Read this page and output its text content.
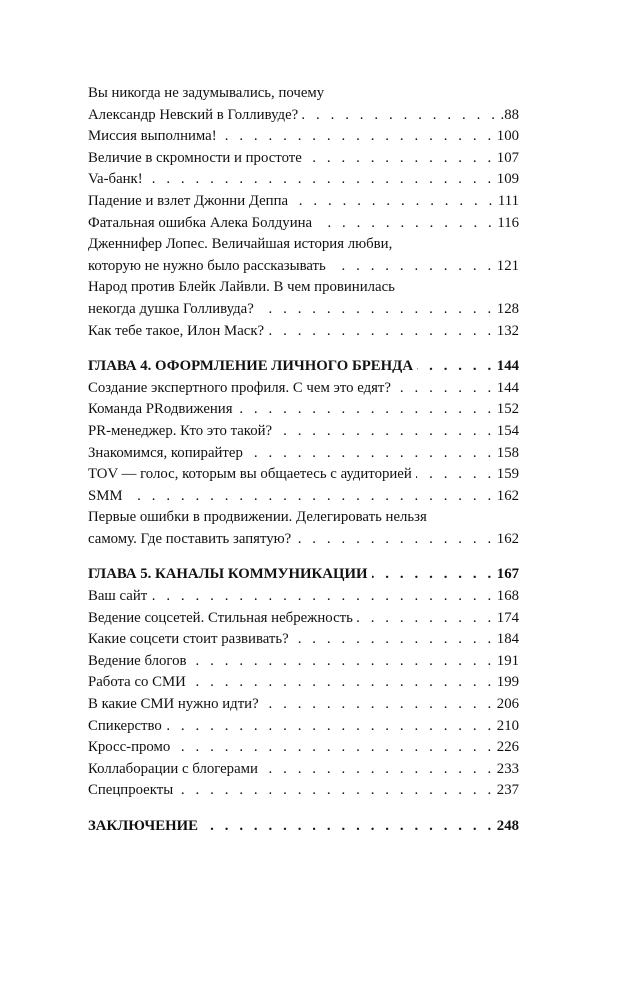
Вы никогда не задумывались, почему
Александр Невский в Голливуде? . . .	.88
Миссия выполнима! . . .	100
Величие в скромности и простоте . . .	107
Va-банк! . . .	109
Падение и взлет Джонни Деппа . . .	111
Фатальная ошибка Алека Болдуина . . .	116
Дженнифер Лопес. Величайшая история любви,
которую не нужно было рассказывать . . .	121
Народ против Блейк Лайвли. В чем провинилась
некогда душка Голливуда? . . .	128
Как тебе такое, Илон Маск? . . .	132
ГЛАВА 4. ОФОРМЛЕНИЕ ЛИЧНОГО БРЕНДА . . .	144
Создание экспертного профиля. С чем это едят? . . .	144
Команда PRодвижения . . .	152
PR-менеджер. Кто это такой? . . .	154
Знакомимся, копирайтер . . .	158
TOV — голос, которым вы общаетесь с аудиторией . . .	159
SMM . . .	162
Первые ошибки в продвижении. Делегировать нельзя
самому. Где поставить запятую? . . .	162
ГЛАВА 5. КАНАЛЫ КОММУНИКАЦИИ . . .	167
Ваш сайт . . .	168
Ведение соцсетей. Стильная небрежность . . .	174
Какие соцсети стоит развивать? . . .	184
Ведение блогов . . .	191
Работа со СМИ . . .	199
В какие СМИ нужно идти? . . .	206
Спикерство . . .	210
Кросс-промо . . .	226
Коллаборации с блогерами . . .	233
Спецпроекты . . .	237
ЗАКЛЮЧЕНИЕ . . .	248
